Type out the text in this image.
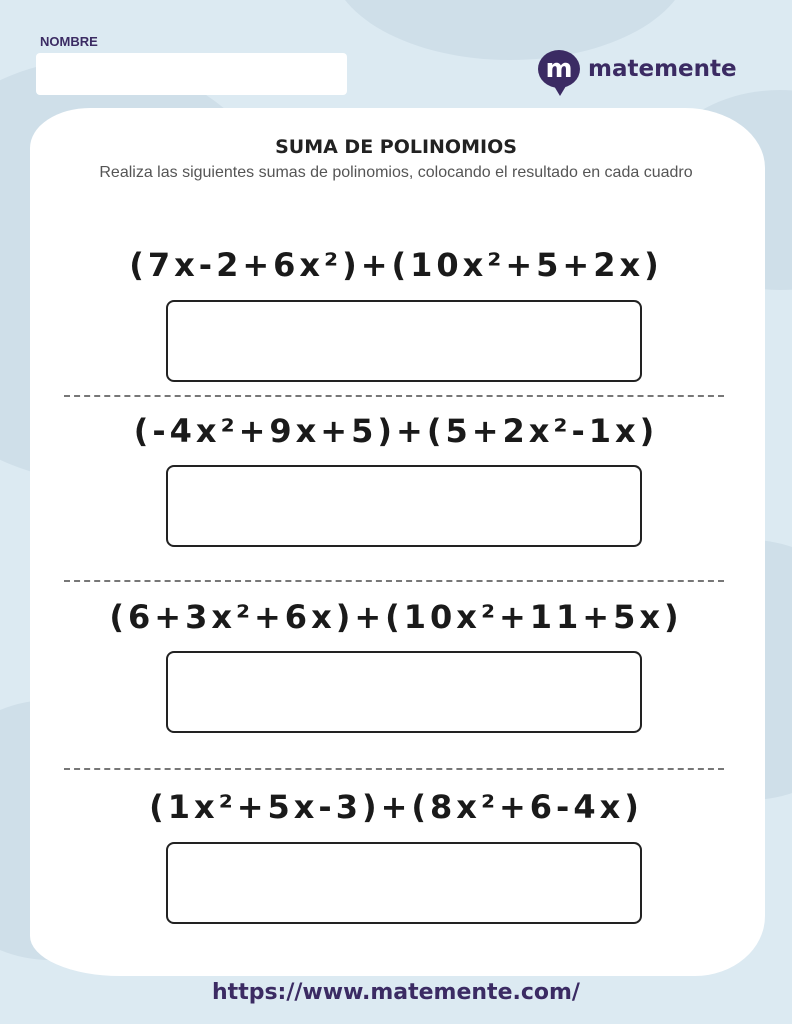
NOMBRE
m matemente
SUMA DE POLINOMIOS
Realiza las siguientes sumas de polinomios, colocando el resultado en cada cuadro
(7x-2+6x²)+(10x²+5+2x)
(-4x²+9x+5)+(5+2x²-1x)
(6+3x²+6x)+(10x²+11+5x)
(1x²+5x-3)+(8x²+6-4x)
https://www.matemente.com/
